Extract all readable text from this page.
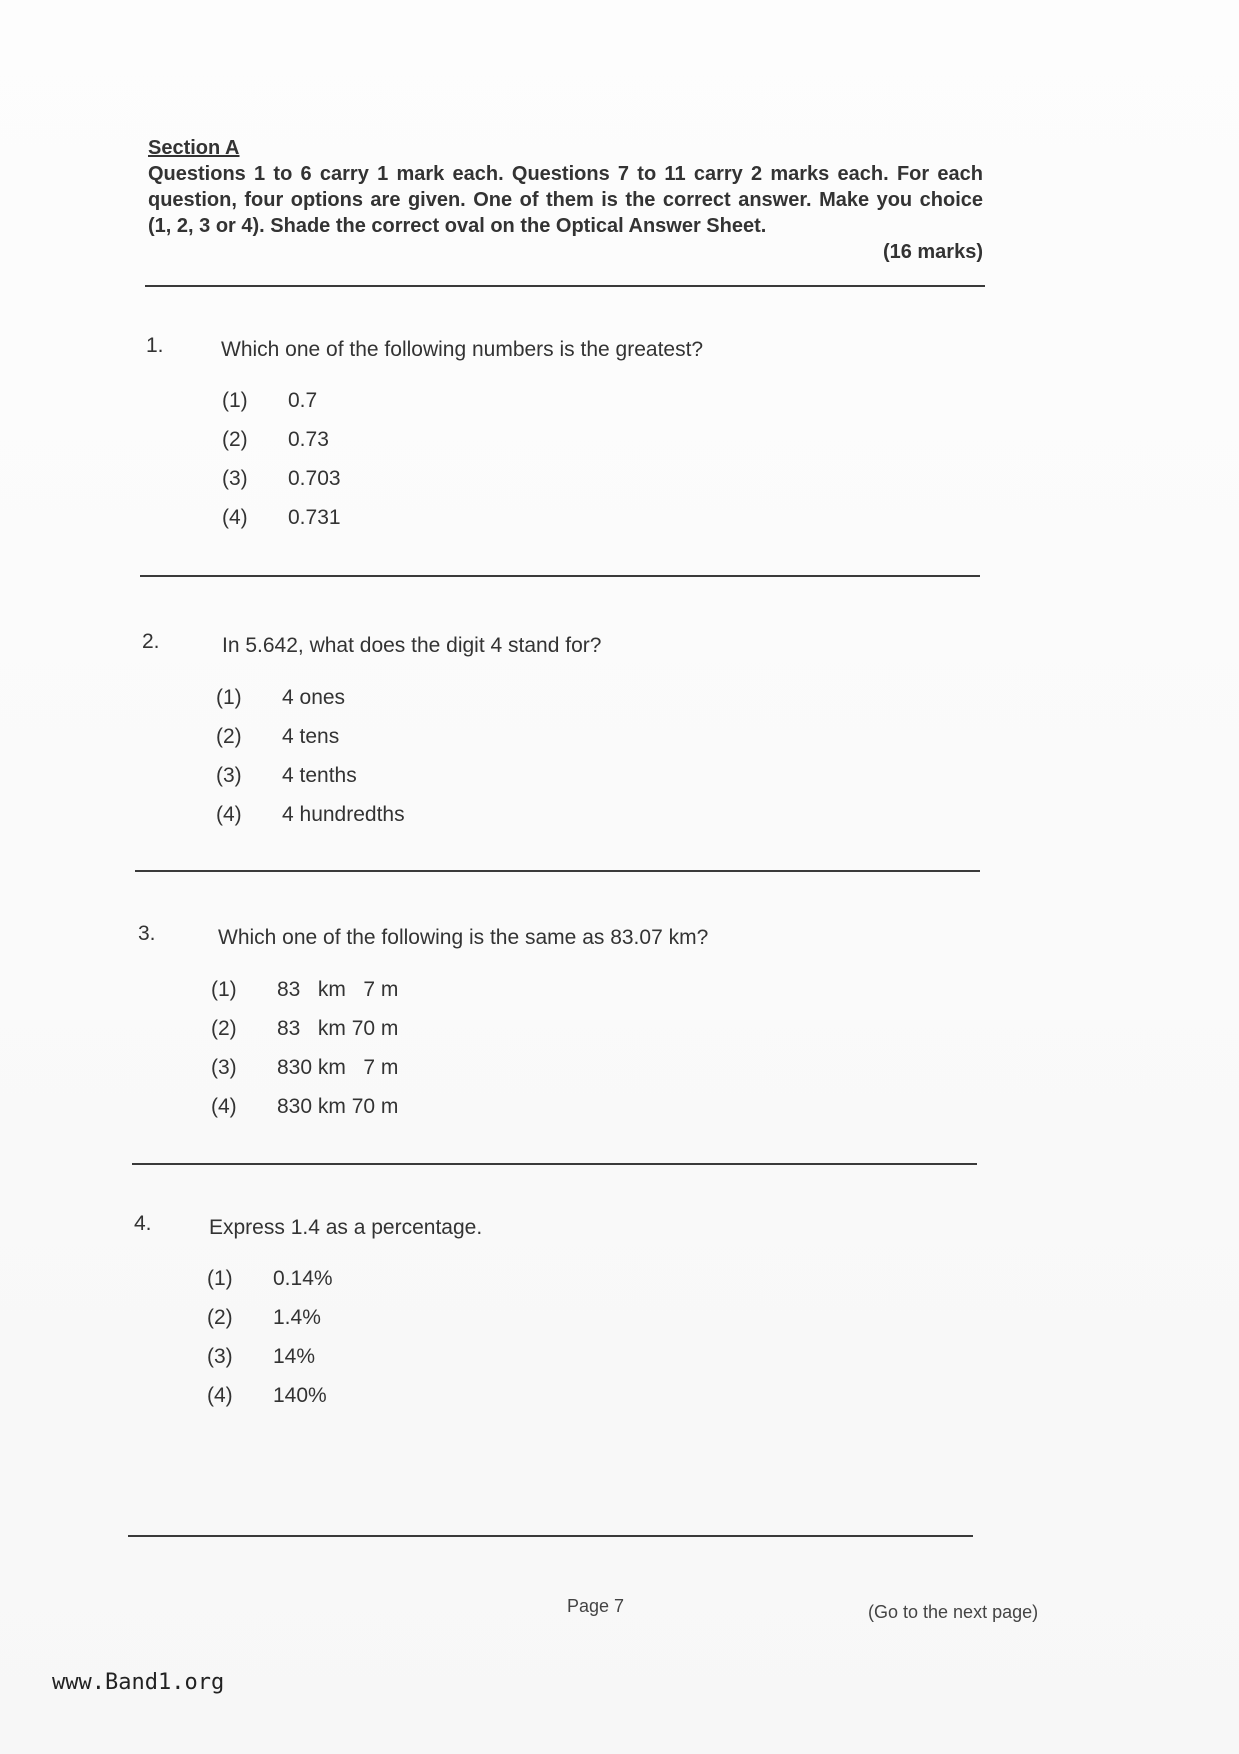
Section A
Questions 1 to 6 carry 1 mark each. Questions 7 to 11 carry 2 marks each. For each question, four options are given. One of them is the correct answer. Make you choice (1, 2, 3 or 4). Shade the correct oval on the Optical Answer Sheet.
(16 marks)
1.	Which one of the following numbers is the greatest?
(1) 0.7
(2) 0.73
(3) 0.703
(4) 0.731
2.	In 5.642, what does the digit 4 stand for?
(1) 4 ones
(2) 4 tens
(3) 4 tenths
(4) 4 hundredths
3.	Which one of the following is the same as 83.07 km?
(1) 83   km   7 m
(2) 83   km 70 m
(3) 830 km   7 m
(4) 830 km 70 m
4.	Express 1.4 as a percentage.
(1) 0.14%
(2) 1.4%
(3) 14%
(4) 140%
Page 7	(Go to the next page)
www.Band1.org
